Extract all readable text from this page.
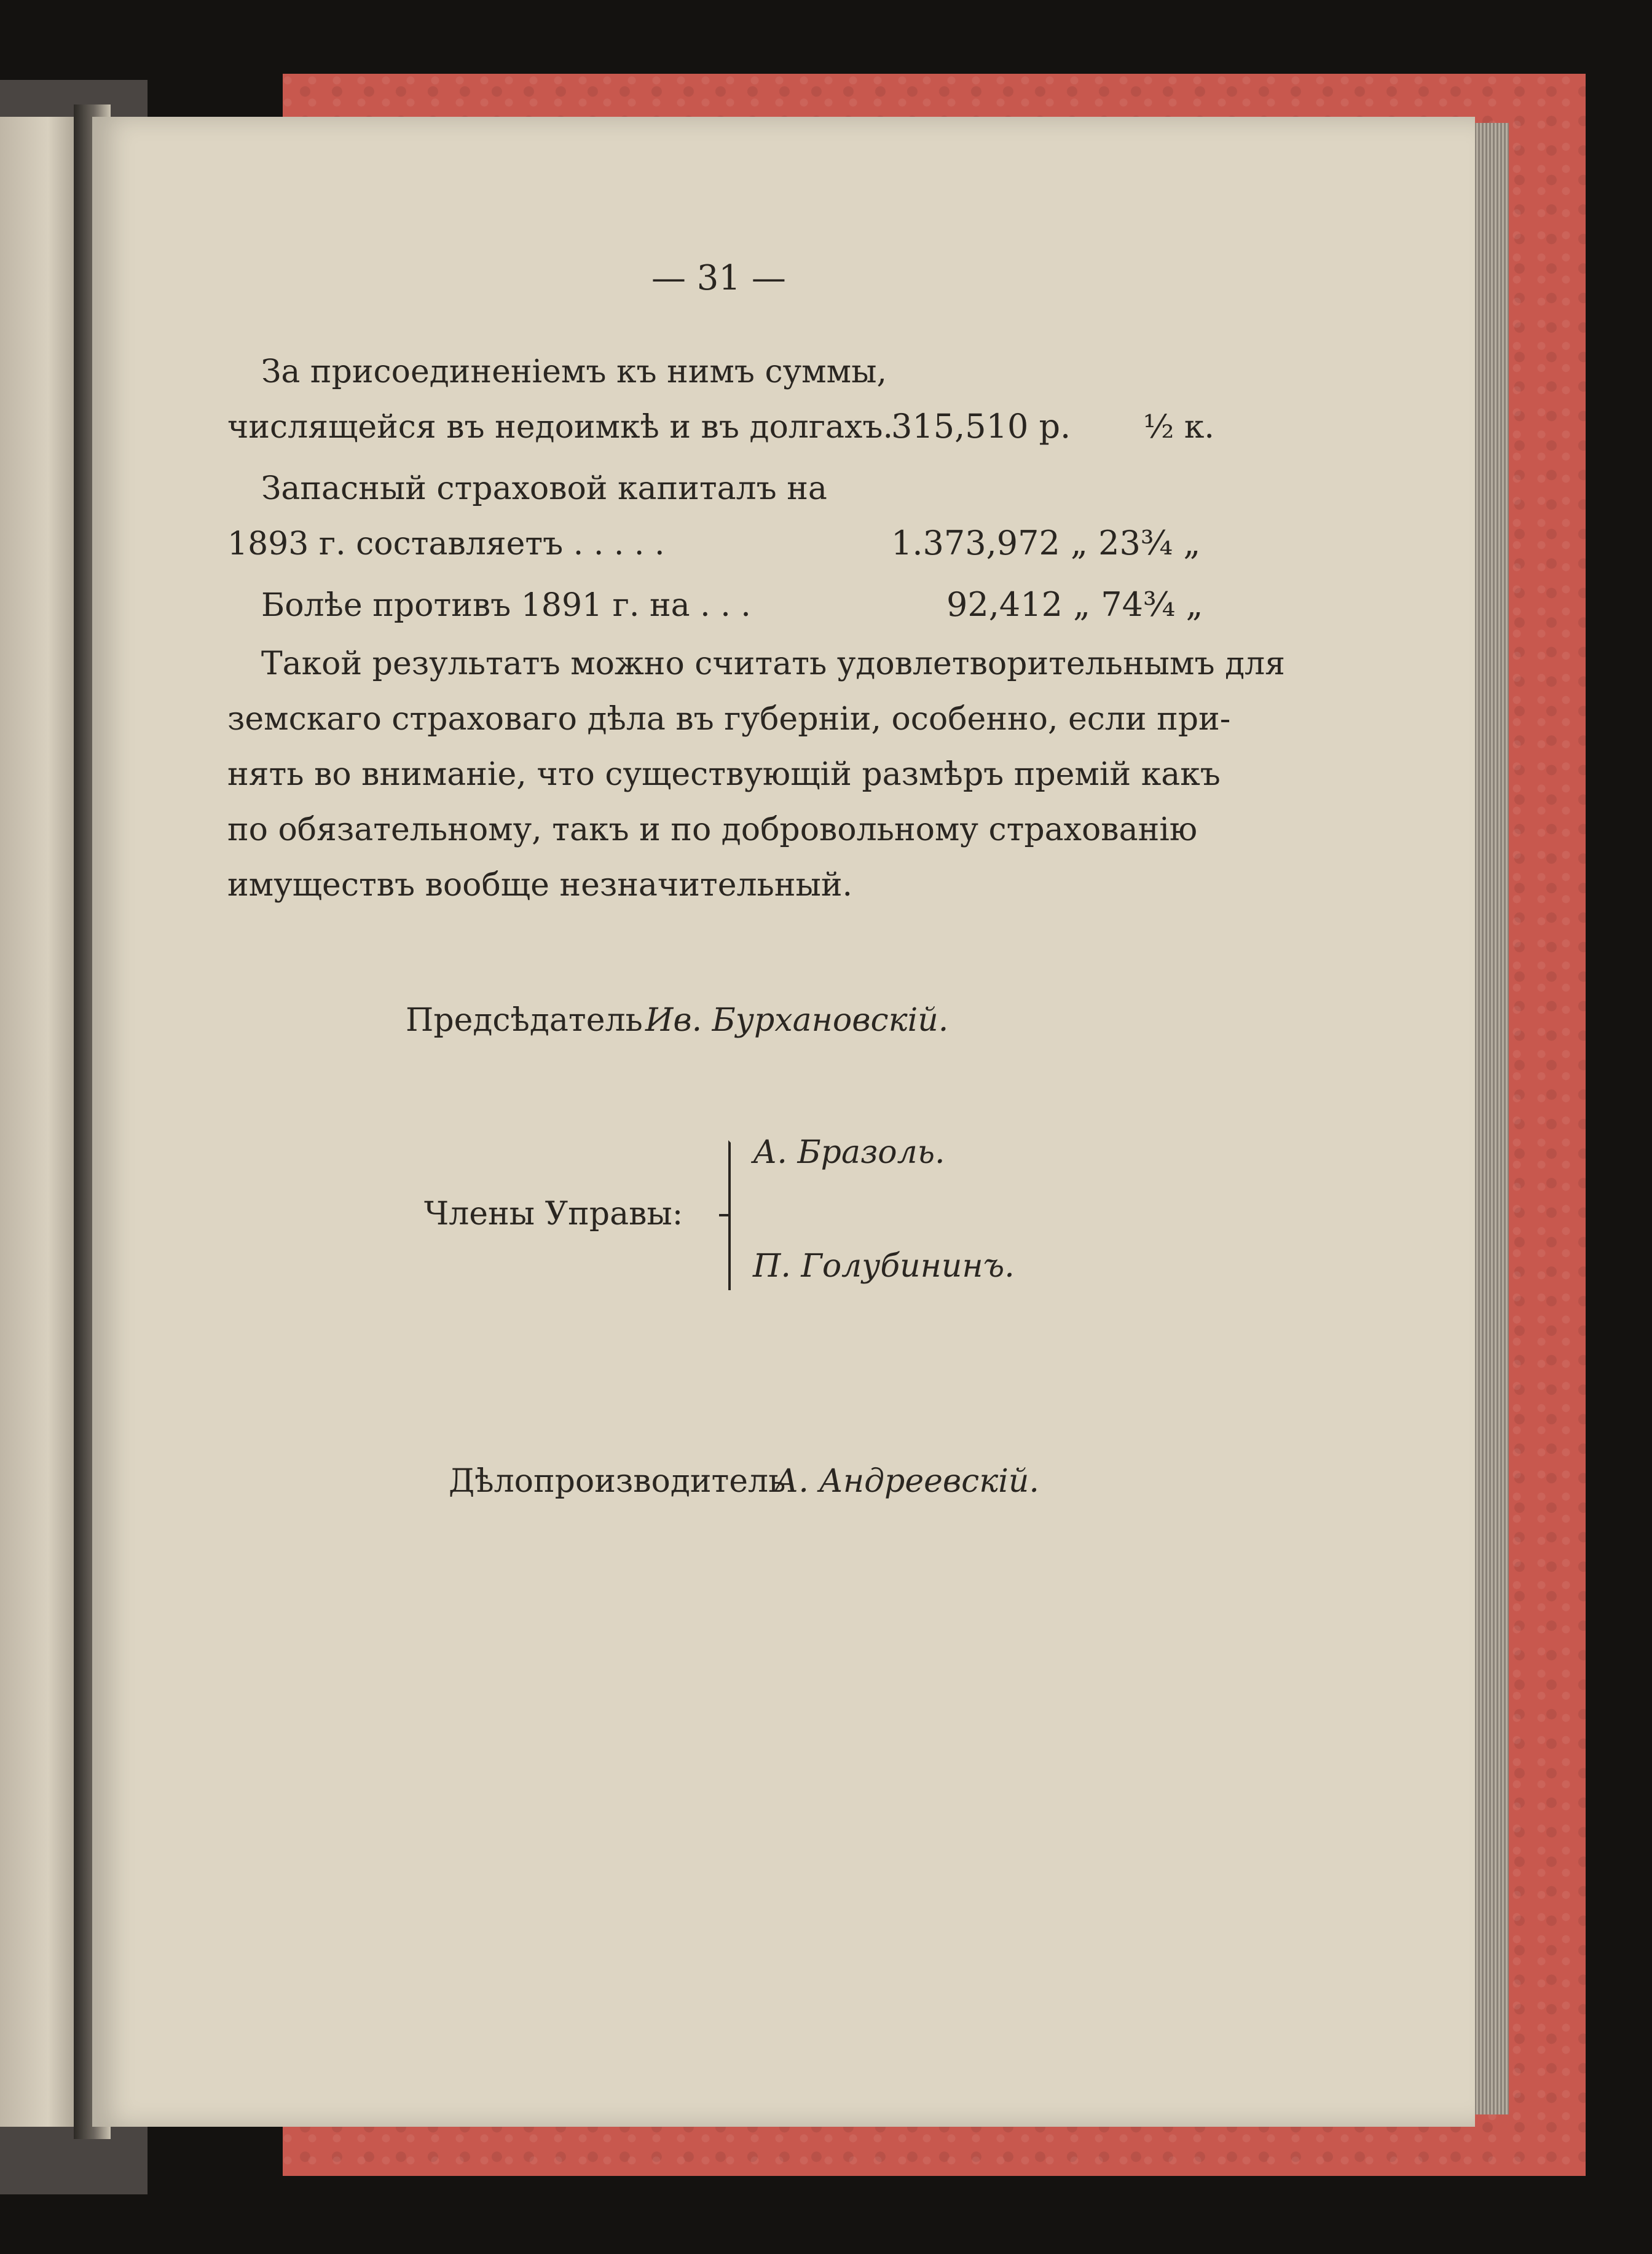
— 31 —

За присоединеніемъ къ нимъ суммы,

числящейся въ недоимкѣ и въ долгахъ.

315,510 р. ½ к.

Запасный страховой капиталъ на

1893 г. составляетъ . . . . .	1.373,972 „ 23¾ „

Болѣе противъ 1891 г. на . . .	92,412 „ 74¾ „

Такой результатъ можно считать удовлетворительнымъ для

земскаго страховаго дѣла въ губерніи, особенно, если при-

нять во вниманіе, что существующій размѣръ премій какъ

по обязательному, такъ и по добровольному страхованію

имуществъ вообще незначительный.

Предсѣдатель Ив. Бурхановскій.

Члены Управы:

А. Бразоль.

П. Голубининъ.

Дѣлопроизводитель

А. Андреевскій.
